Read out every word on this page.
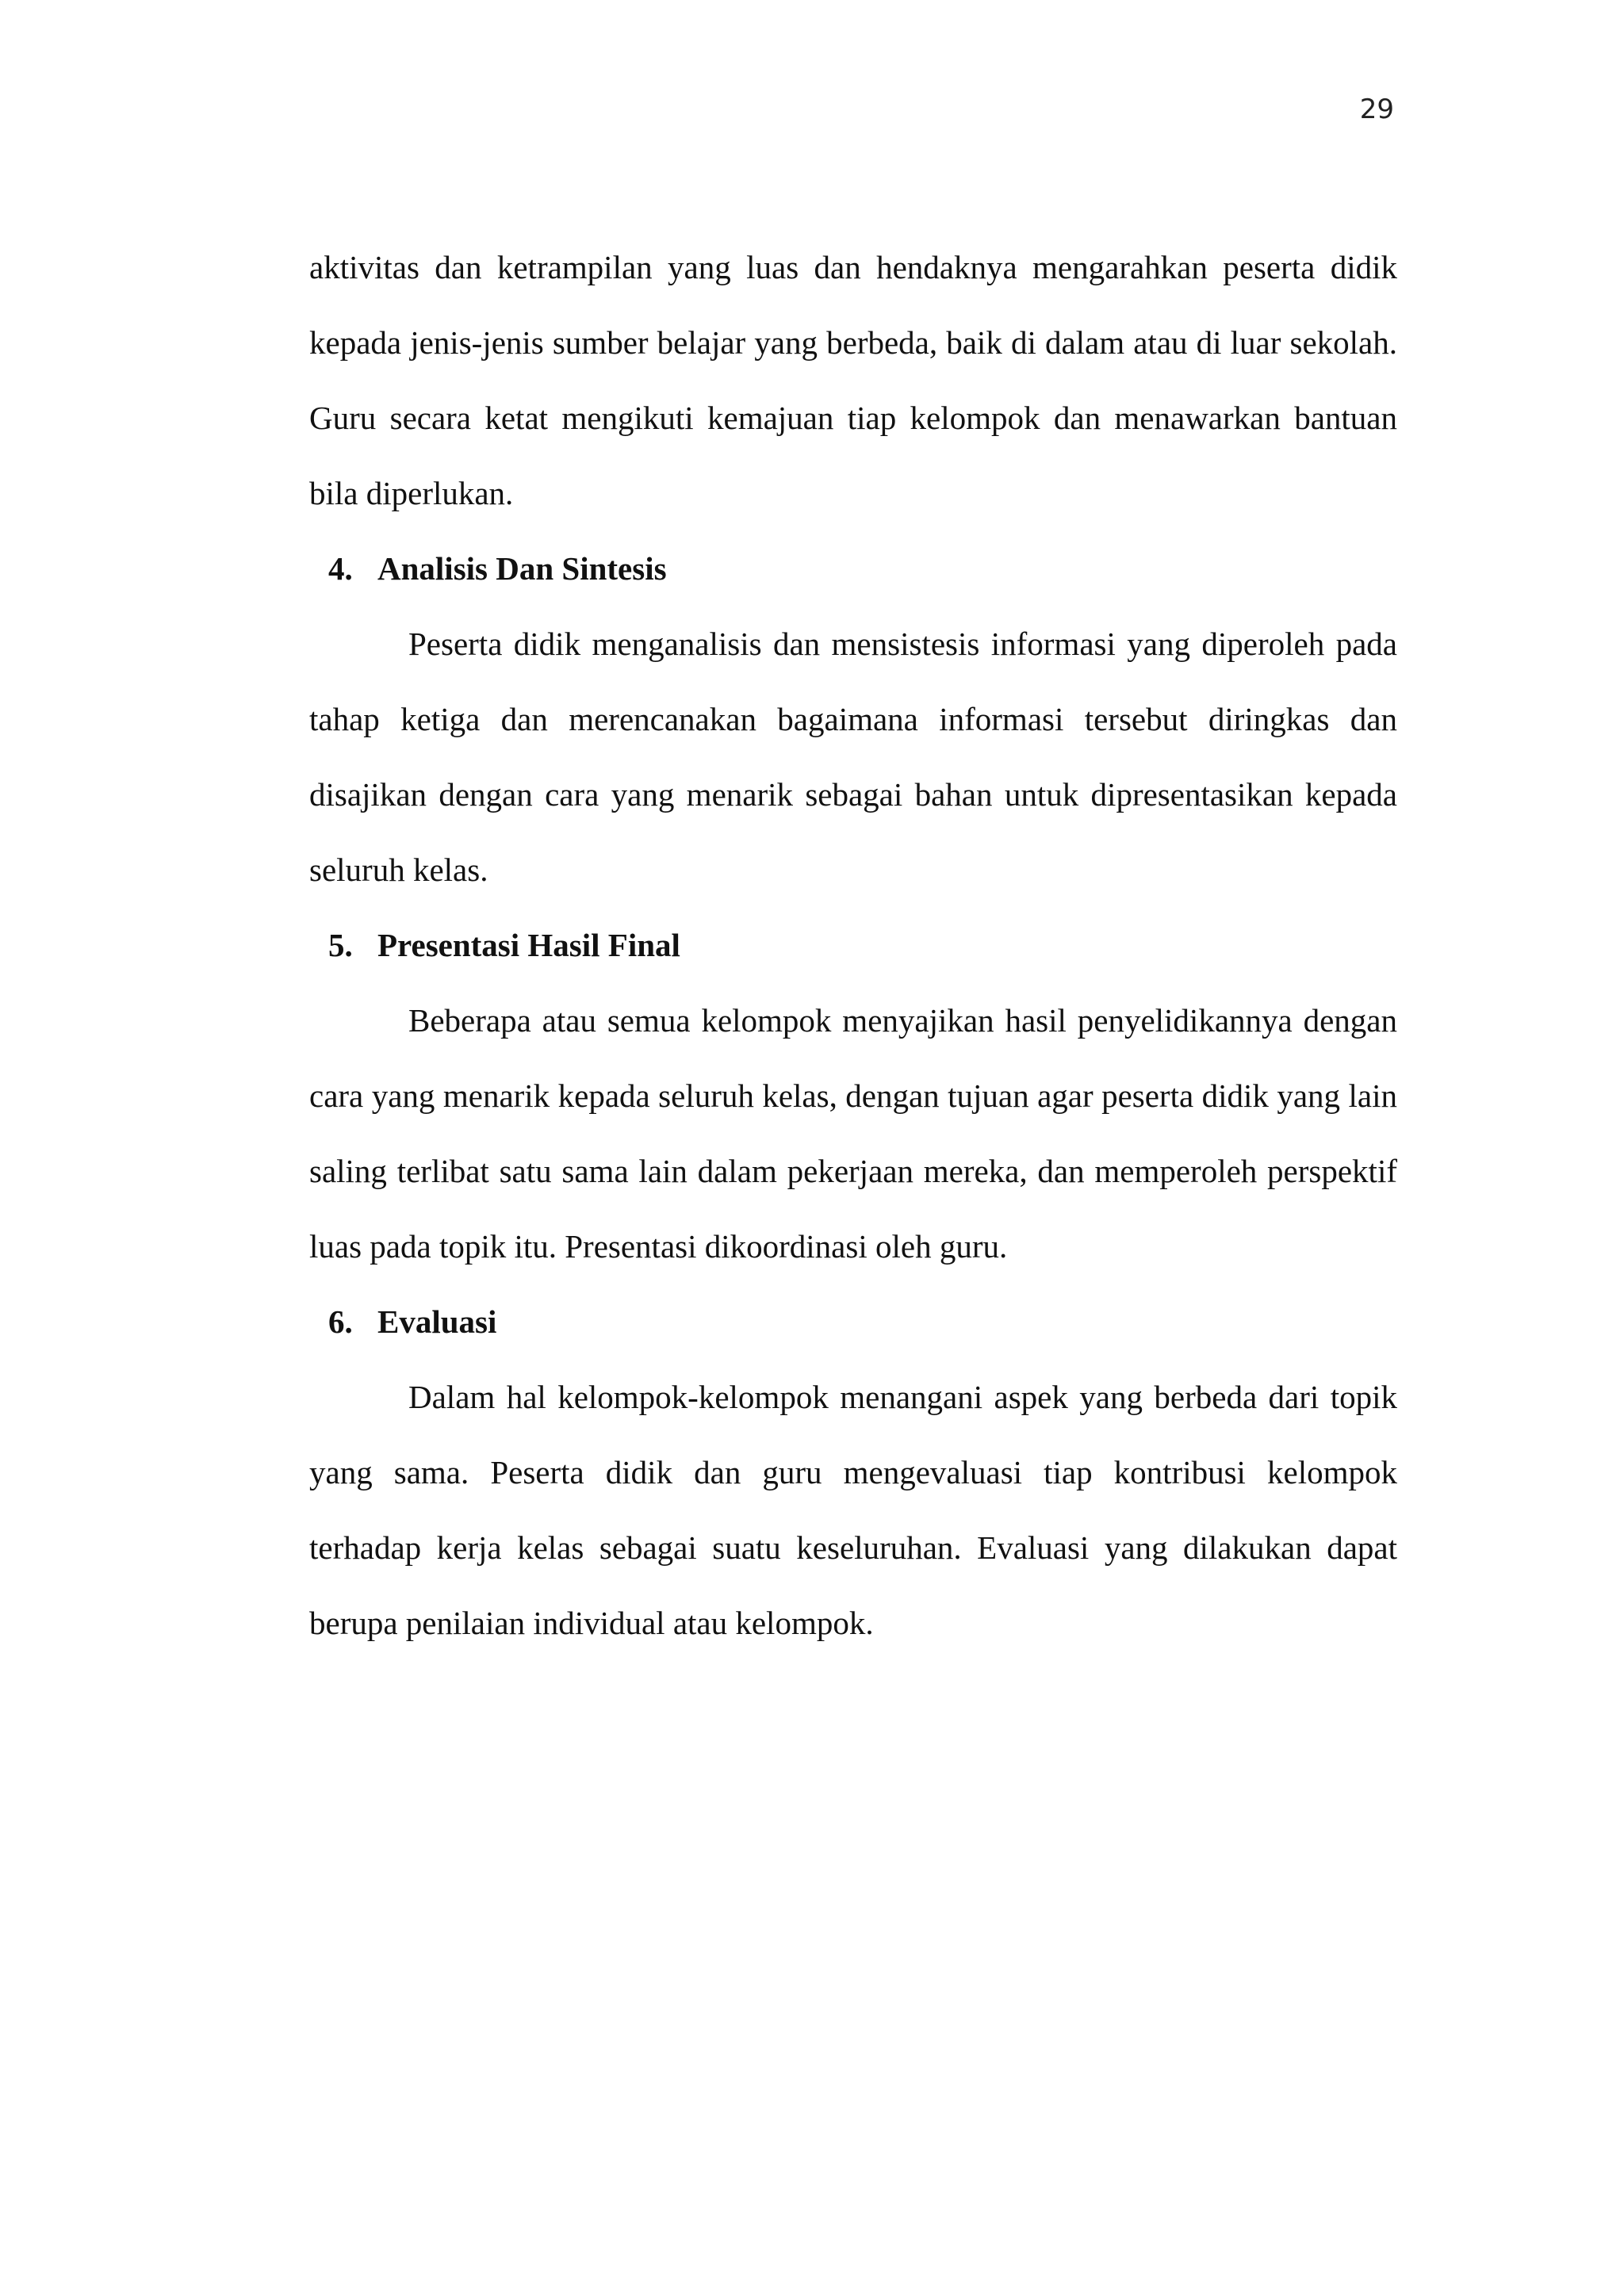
29

aktivitas dan ketrampilan yang luas dan hendaknya mengarahkan peserta didik kepada jenis-jenis sumber belajar yang berbeda, baik di dalam atau di luar sekolah. Guru secara ketat mengikuti kemajuan tiap kelompok dan menawarkan bantuan bila diperlukan.

4. Analisis Dan Sintesis

Peserta didik menganalisis dan mensistesis informasi yang diperoleh pada tahap ketiga dan merencanakan bagaimana informasi tersebut diringkas dan disajikan dengan cara yang menarik sebagai bahan untuk dipresentasikan kepada seluruh kelas.

5. Presentasi Hasil Final

Beberapa atau semua kelompok menyajikan hasil penyelidikannya dengan cara yang menarik kepada seluruh kelas, dengan tujuan agar peserta didik yang lain saling terlibat satu sama lain dalam pekerjaan mereka, dan memperoleh perspektif luas pada topik itu. Presentasi dikoordinasi oleh guru.

6. Evaluasi

Dalam hal kelompok-kelompok menangani aspek yang berbeda dari topik yang sama. Peserta didik dan guru mengevaluasi tiap kontribusi kelompok terhadap kerja kelas sebagai suatu keseluruhan. Evaluasi yang dilakukan dapat berupa penilaian individual atau kelompok.
